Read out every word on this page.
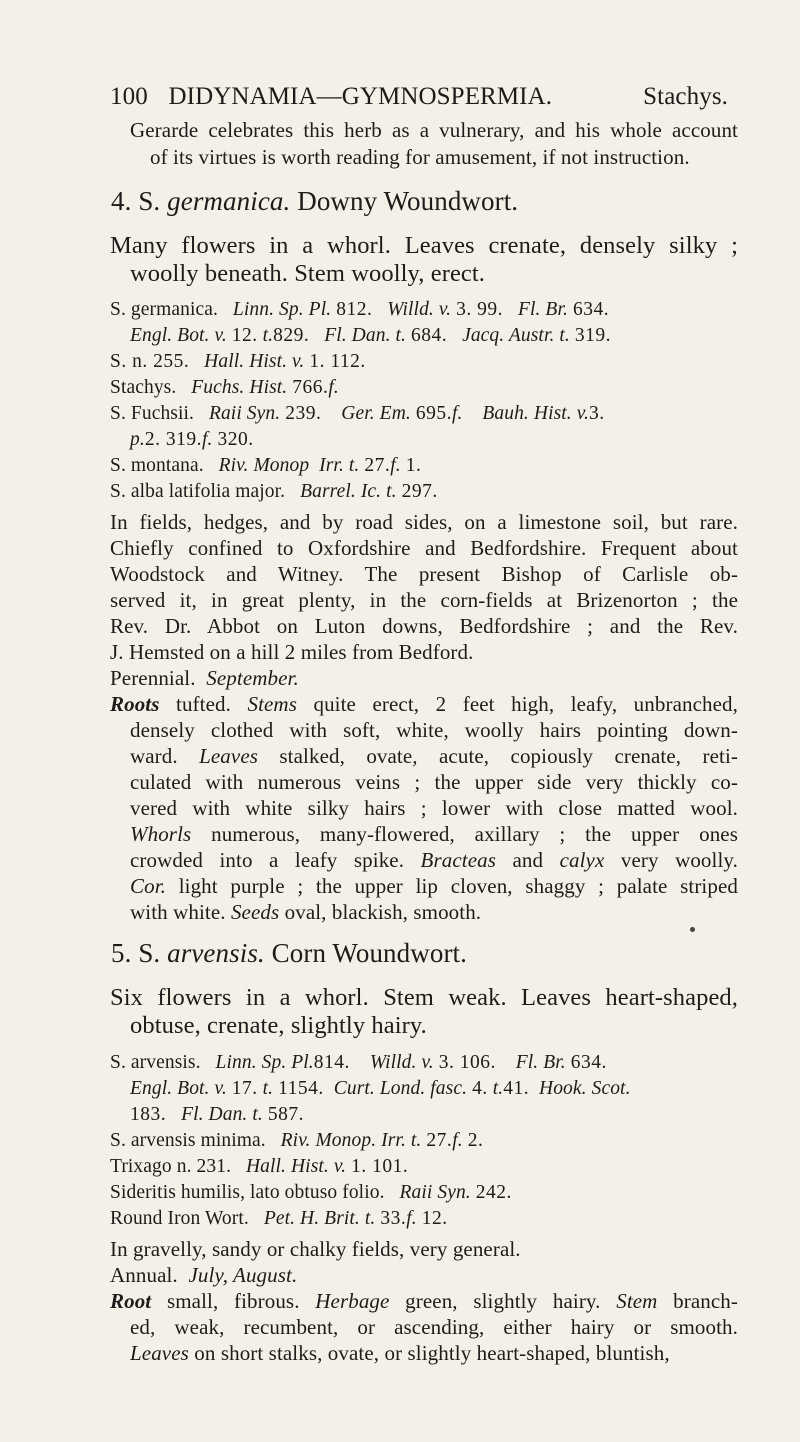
100 DIDYNAMIA—GYMNOSPERMIA.	Stachys.
Gerarde celebrates this herb as a vulnerary, and his whole account
of its virtues is worth reading for amusement, if not instruction.
4. S. germanica. Downy Woundwort.
Many flowers in a whorl. Leaves crenate, densely silky ;
woolly beneath. Stem woolly, erect.
S. germanica. Linn. Sp. Pl. 812. Willd. v. 3. 99. Fl. Br. 634.
Engl. Bot. v. 12. t.829. Fl. Dan. t. 684. Jacq. Austr. t. 319.
S. n. 255. Hall. Hist. v. 1. 112.
Stachys. Fuchs. Hist. 766.f.
S. Fuchsii. Raii Syn. 239. Ger. Em. 695.f. Bauh. Hist. v.3.
p.2. 319.f. 320.
S. montana. Riv. Monop Irr. t. 27.f. 1.
S. alba latifolia major. Barrel. Ic. t. 297.
In fields, hedges, and by road sides, on a limestone soil, but rare.
Chiefly confined to Oxfordshire and Bedfordshire. Frequent about
Woodstock and Witney. The present Bishop of Carlisle ob-
served it, in great plenty, in the corn-fields at Brizenorton ; the
Rev. Dr. Abbot on Luton downs, Bedfordshire ; and the Rev.
J. Hemsted on a hill 2 miles from Bedford.
Perennial. September.
Roots tufted. Stems quite erect, 2 feet high, leafy, unbranched,
densely clothed with soft, white, woolly hairs pointing down-
ward. Leaves stalked, ovate, acute, copiously crenate, reti-
culated with numerous veins ; the upper side very thickly co-
vered with white silky hairs ; lower with close matted wool.
Whorls numerous, many-flowered, axillary ; the upper ones
crowded into a leafy spike. Bracteas and calyx very woolly.
Cor. light purple ; the upper lip cloven, shaggy ; palate striped
with white. Seeds oval, blackish, smooth.
5. S. arvensis. Corn Woundwort.
Six flowers in a whorl. Stem weak. Leaves heart-shaped,
obtuse, crenate, slightly hairy.
S. arvensis. Linn. Sp. Pl.814. Willd. v. 3. 106. Fl. Br. 634.
Engl. Bot. v. 17. t. 1154. Curt. Lond. fasc. 4. t.41. Hook. Scot.
183. Fl. Dan. t. 587.
S. arvensis minima. Riv. Monop. Irr. t. 27.f. 2.
Trixago n. 231. Hall. Hist. v. 1. 101.
Sideritis humilis, lato obtuso folio. Raii Syn. 242.
Round Iron Wort. Pet. H. Brit. t. 33.f. 12.
In gravelly, sandy or chalky fields, very general.
Annual. July, August.
Root small, fibrous. Herbage green, slightly hairy. Stem branch-
ed, weak, recumbent, or ascending, either hairy or smooth.
Leaves on short stalks, ovate, or slightly heart-shaped, bluntish,
